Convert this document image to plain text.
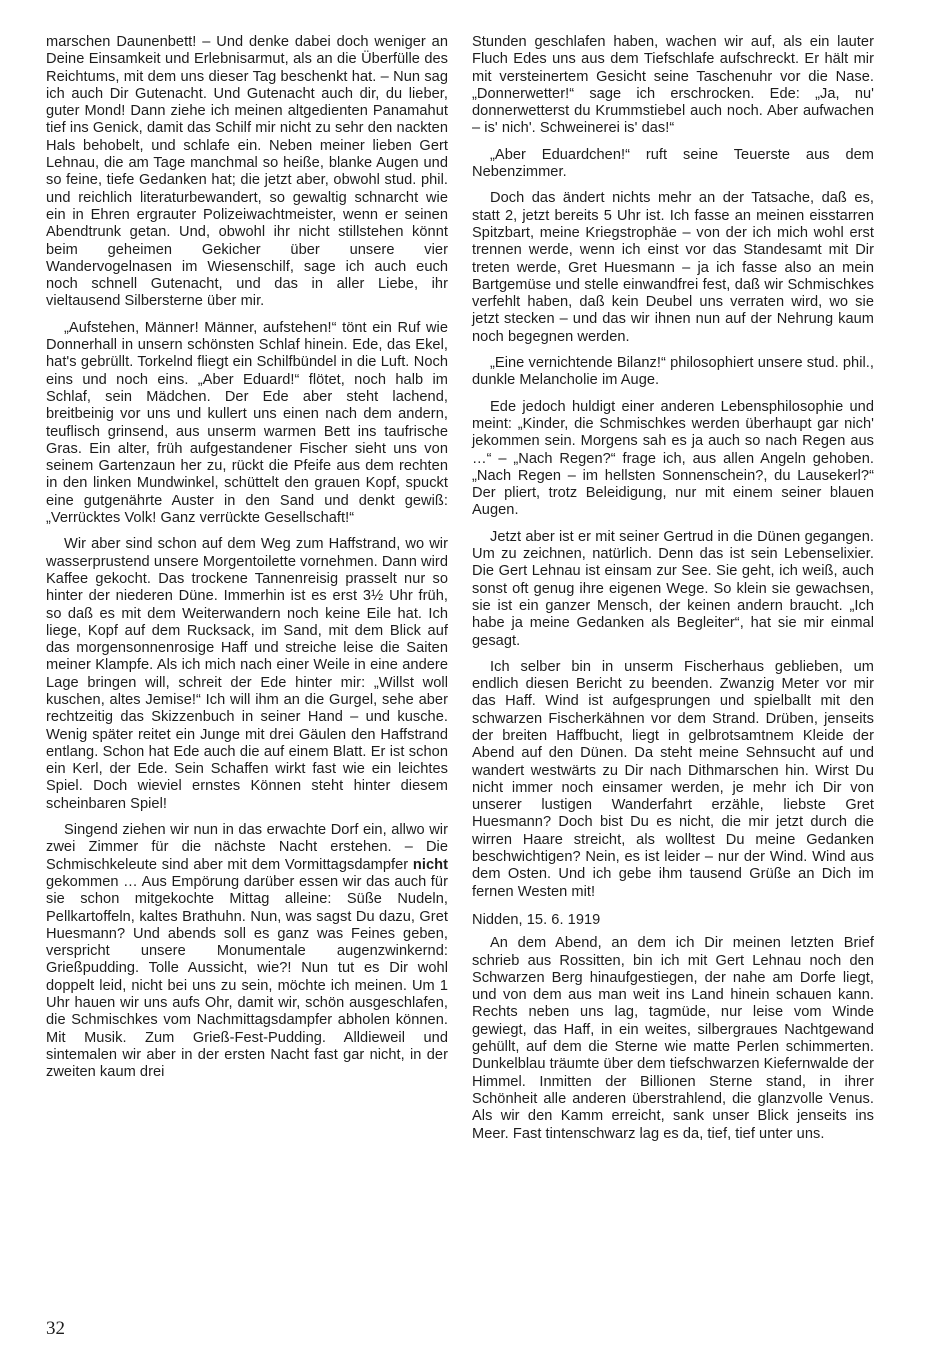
marschen Daunenbett! – Und denke dabei doch weniger an Deine Einsamkeit und Erlebnisarmut, als an die Überfülle des Reichtums, mit dem uns dieser Tag beschenkt hat. – Nun sag ich auch Dir Gutenacht. Und Gutenacht auch dir, du lieber, guter Mond! Dann ziehe ich meinen altgedienten Panamahut tief ins Genick, damit das Schilf mir nicht zu sehr den nackten Hals behobelt, und schlafe ein. Neben meiner lieben Gert Lehnau, die am Tage manchmal so heiße, blanke Augen und so feine, tiefe Gedanken hat; die jetzt aber, obwohl stud. phil. und reichlich literaturbewandert, so gewaltig schnarcht wie ein in Ehren ergrauter Polizeiwachtmeister, wenn er seinen Abendtrunk getan. Und, obwohl ihr nicht stillstehen könnt beim geheimen Gekicher über unsere vier Wandervogelnasen im Wiesenschilf, sage ich auch euch noch schnell Gutenacht, und das in aller Liebe, ihr vieltausend Silbersterne über mir.

„Aufstehen, Männer! Männer, aufstehen!“ tönt ein Ruf wie Donnerhall in unsern schönsten Schlaf hinein. Ede, das Ekel, hat's gebrüllt. Torkelnd fliegt ein Schilfbündel in die Luft. Noch eins und noch eins. „Aber Eduard!“ flötet, noch halb im Schlaf, sein Mädchen. Der Ede aber steht lachend, breitbeinig vor uns und kullert uns einen nach dem andern, teuflisch grinsend, aus unserm warmen Bett ins taufrische Gras. Ein alter, früh aufgestandener Fischer sieht uns von seinem Gartenzaun her zu, rückt die Pfeife aus dem rechten in den linken Mundwinkel, schüttelt den grauen Kopf, spuckt eine gutgenährte Auster in den Sand und denkt gewiß: „Verrücktes Volk! Ganz verrückte Gesellschaft!“

Wir aber sind schon auf dem Weg zum Haffstrand, wo wir wasserprustend unsere Morgentoilette vornehmen. Dann wird Kaffee gekocht. Das trockene Tannenreisig prasselt nur so hinter der niederen Düne. Immerhin ist es erst 3½ Uhr früh, so daß es mit dem Weiterwandern noch keine Eile hat. Ich liege, Kopf auf dem Rucksack, im Sand, mit dem Blick auf das morgensonnenrosige Haff und streiche leise die Saiten meiner Klampfe. Als ich mich nach einer Weile in eine andere Lage bringen will, schreit der Ede hinter mir: „Willst woll kuschen, altes Jemise!“ Ich will ihm an die Gurgel, sehe aber rechtzeitig das Skizzenbuch in seiner Hand – und kusche. Wenig später reitet ein Junge mit drei Gäulen den Haffstrand entlang. Schon hat Ede auch die auf einem Blatt. Er ist schon ein Kerl, der Ede. Sein Schaffen wirkt fast wie ein leichtes Spiel. Doch wieviel ernstes Können steht hinter diesem scheinbaren Spiel!

Singend ziehen wir nun in das erwachte Dorf ein, allwo wir zwei Zimmer für die nächste Nacht erstehen. – Die Schmischkeleute sind aber mit dem Vormittagsdampfer nicht gekommen … Aus Empörung darüber essen wir das auch für sie schon mitgekochte Mittag alleine: Süße Nudeln, Pellkartoffeln, kaltes Brathuhn. Nun, was sagst Du dazu, Gret Huesmann? Und abends soll es ganz was Feines geben, verspricht unsere Monumentale augenzwinkernd: Grießpudding. Tolle Aussicht, wie?! Nun tut es Dir wohl doppelt leid, nicht bei uns zu sein, möchte ich meinen. Um 1 Uhr hauen wir uns aufs Ohr, damit wir, schön ausgeschlafen, die Schmischkes vom Nachmittagsdampfer abholen können. Mit Musik. Zum Grieß-Fest-Pudding. Alldieweil und sintemalen wir aber in der ersten Nacht fast gar nicht, in der zweiten kaum drei

Stunden geschlafen haben, wachen wir auf, als ein lauter Fluch Edes uns aus dem Tiefschlafe aufschreckt. Er hält mir mit versteinertem Gesicht seine Taschenuhr vor die Nase. „Donnerwetter!“ sage ich erschrocken. Ede: „Ja, nu' donnerwetterst du Krummstiebel auch noch. Aber aufwachen – is' nich'. Schweinerei is' das!“

„Aber Eduardchen!“ ruft seine Teuerste aus dem Nebenzimmer.

Doch das ändert nichts mehr an der Tatsache, daß es, statt 2, jetzt bereits 5 Uhr ist. Ich fasse an meinen eisstarren Spitzbart, meine Kriegstrophäe – von der ich mich wohl erst trennen werde, wenn ich einst vor das Standesamt mit Dir treten werde, Gret Huesmann – ja ich fasse also an mein Bartgemüse und stelle einwandfrei fest, daß wir Schmischkes verfehlt haben, daß kein Deubel uns verraten wird, wo sie jetzt stecken – und das wir ihnen nun auf der Nehrung kaum noch begegnen werden.

„Eine vernichtende Bilanz!“ philosophiert unsere stud. phil., dunkle Melancholie im Auge.

Ede jedoch huldigt einer anderen Lebensphilosophie und meint: „Kinder, die Schmischkes werden überhaupt gar nich' jekommen sein. Morgens sah es ja auch so nach Regen aus …“ – „Nach Regen?“ frage ich, aus allen Angeln gehoben. „Nach Regen – im hellsten Sonnenschein?, du Lausekerl?“ Der pliert, trotz Beleidigung, nur mit einem seiner blauen Augen.

Jetzt aber ist er mit seiner Gertrud in die Dünen gegangen. Um zu zeichnen, natürlich. Denn das ist sein Lebenselixier. Die Gert Lehnau ist einsam zur See. Sie geht, ich weiß, auch sonst oft genug ihre eigenen Wege. So klein sie gewachsen, sie ist ein ganzer Mensch, der keinen andern braucht. „Ich habe ja meine Gedanken als Begleiter“, hat sie mir einmal gesagt.

Ich selber bin in unserm Fischerhaus geblieben, um endlich diesen Bericht zu beenden. Zwanzig Meter vor mir das Haff. Wind ist aufgesprungen und spielballt mit den schwarzen Fischerkähnen vor dem Strand. Drüben, jenseits der breiten Haffbucht, liegt in gelbrotsamtnem Kleide der Abend auf den Dünen. Da steht meine Sehnsucht auf und wandert westwärts zu Dir nach Dithmarschen hin. Wirst Du nicht immer noch einsamer werden, je mehr ich Dir von unserer lustigen Wanderfahrt erzähle, liebste Gret Huesmann? Doch bist Du es nicht, die mir jetzt durch die wirren Haare streicht, als wolltest Du meine Gedanken beschwichtigen? Nein, es ist leider – nur der Wind. Wind aus dem Osten. Und ich gebe ihm tausend Grüße an Dich im fernen Westen mit!

Nidden, 15. 6. 1919

An dem Abend, an dem ich Dir meinen letzten Brief schrieb aus Rossitten, bin ich mit Gert Lehnau noch den Schwarzen Berg hinaufgestiegen, der nahe am Dorfe liegt, und von dem aus man weit ins Land hinein schauen kann. Rechts neben uns lag, tagmüde, nur leise vom Winde gewiegt, das Haff, in ein weites, silbergraues Nachtgewand gehüllt, auf dem die Sterne wie matte Perlen schimmerten. Dunkelblau träumte über dem tiefschwarzen Kiefernwalde der Himmel. Inmitten der Billionen Sterne stand, in ihrer Schönheit alle anderen überstrahlend, die glanzvolle Venus. Als wir den Kamm erreicht, sank unser Blick jenseits ins Meer. Fast tintenschwarz lag es da, tief, tief unter uns.

32
